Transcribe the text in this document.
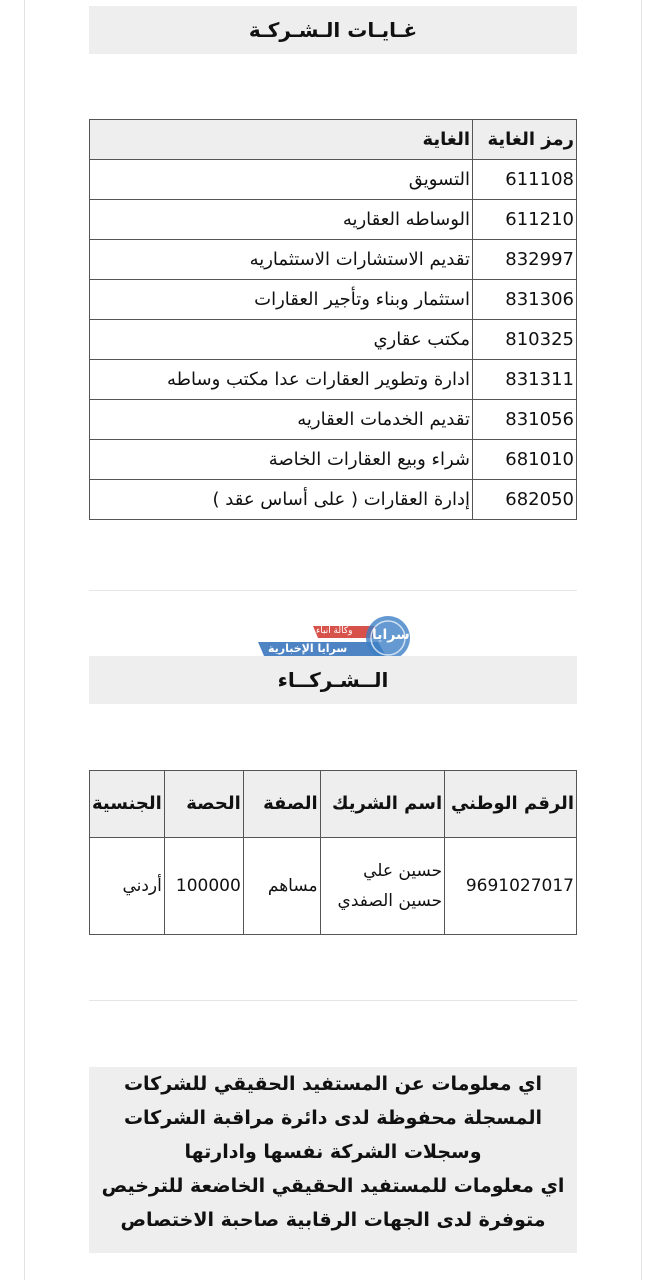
غـايـات الـشـركـة
رمز الغاية	الغاية
611108	التسويق
611210	الوساطه العقاريه
832997	تقديم الاستشارات الاستثماريه
831306	استثمار وبناء وتأجير العقارات
810325	مكتب عقاري
831311	ادارة وتطوير العقارات عدا مكتب وساطه
831056	تقديم الخدمات العقاريه
681010	شراء وبيع العقارات الخاصة
682050	إدارة العقارات ( على أساس عقد )
وكالة أنباء
سرايا الإخبارية
سرايا
الــشـركــاء
الرقم الوطني	اسم الشريك	الصفة	الحصة	الجنسية
9691027017	حسين علي حسين الصفدي	مساهم	100000	أردني
اي معلومات عن المستفيد الحقيقي للشركات المسجلة محفوظة لدى دائرة مراقبة الشركات وسجلات الشركة نفسها وادارتها
اي معلومات للمستفيد الحقيقي الخاضعة للترخيص متوفرة لدى الجهات الرقابية صاحبة الاختصاص
